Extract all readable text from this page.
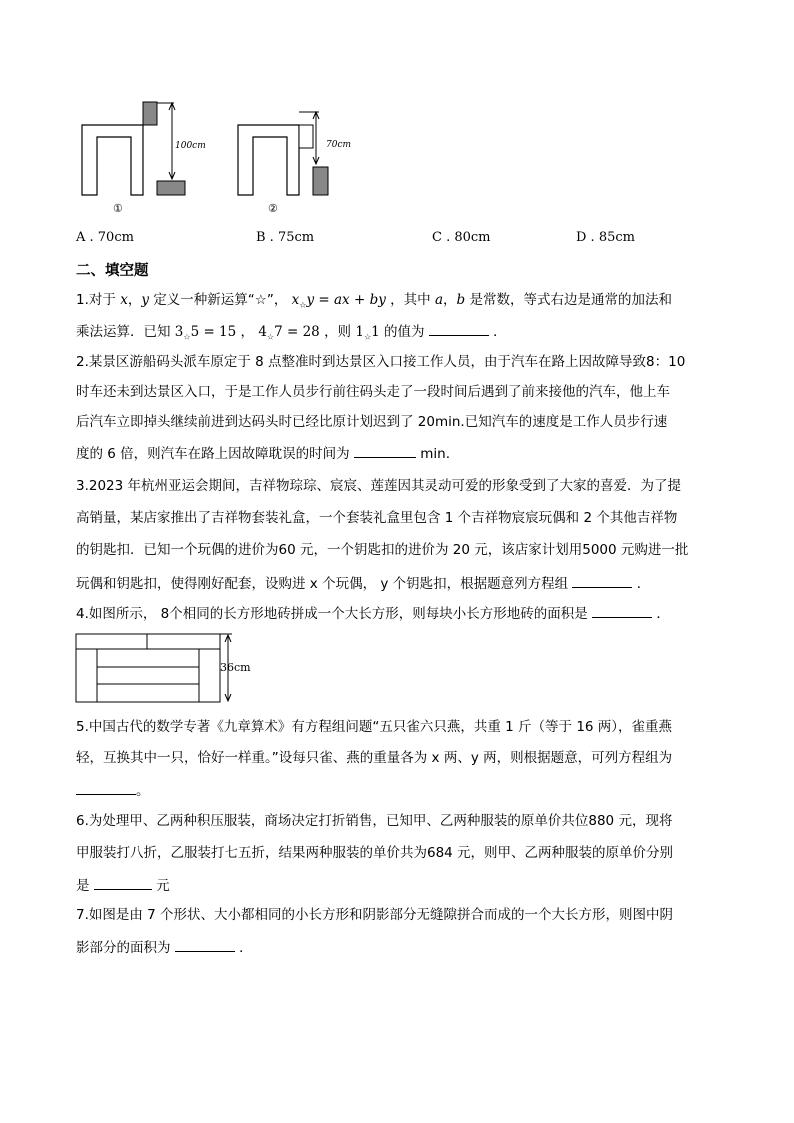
100cm
①
70cm
②
A . 70cm	B . 75cm	C . 80cm	D . 85cm
二、填空题
1.对于 x，y 定义一种新运算“☆”， $x_☆y$ = ax + by ，其中 a，b 是常数，等式右边是通常的加法和
乘法运算．已知 $3_☆5 = 15$ ， $4_☆7 = 28$ ，则 $1_☆1$ 的值为	．
2.某景区游船码头派车原定于 8 点整准时到达景区入口接工作人员，由于汽车在路上因故障导致8：10
时车还未到达景区入口，于是工作人员步行前往码头走了一段时间后遇到了前来接他的汽车，他上车
后汽车立即掉头继续前进到达码头时已经比原计划迟到了 20min.已知汽车的速度是工作人员步行速
度的 6 倍，则汽车在路上因故障耽误的时间为	min.
3.2023 年杭州亚运会期间，吉祥物琮琮、宸宸、莲莲因其灵动可爱的形象受到了大家的喜爱．为了提
高销量，某店家推出了吉祥物套装礼盒，一个套装礼盒里包含 1 个吉祥物宸宸玩偶和 2 个其他吉祥物
的钥匙扣．已知一个玩偶的进价为60 元，一个钥匙扣的进价为 20 元，该店家计划用5000 元购进一批
玩偶和钥匙扣，使得刚好配套，设购进 x 个玩偶， y 个钥匙扣，根据题意列方程组	．
4.如图所示， 8个相同的长方形地砖拼成一个大长方形，则每块小长方形地砖的面积是	．
36cm
5.中国古代的数学专著《九章算术》有方程组问题“五只雀六只燕，共重 1 斤（等于 16 两），雀重燕
轻，互换其中一只，恰好一样重。”设每只雀、燕的重量各为 x 两、y 两，则根据题意，可列方程组为
。
6.为处理甲、乙两种积压服装，商场决定打折销售，已知甲、乙两种服装的原单价共位880 元，现将
甲服装打八折，乙服装打七五折，结果两种服装的单价共为684 元，则甲、乙两种服装的原单价分别
是	元
7.如图是由 7 个形状、大小都相同的小长方形和阴影部分无缝隙拼合而成的一个大长方形，则图中阴
影部分的面积为	．
